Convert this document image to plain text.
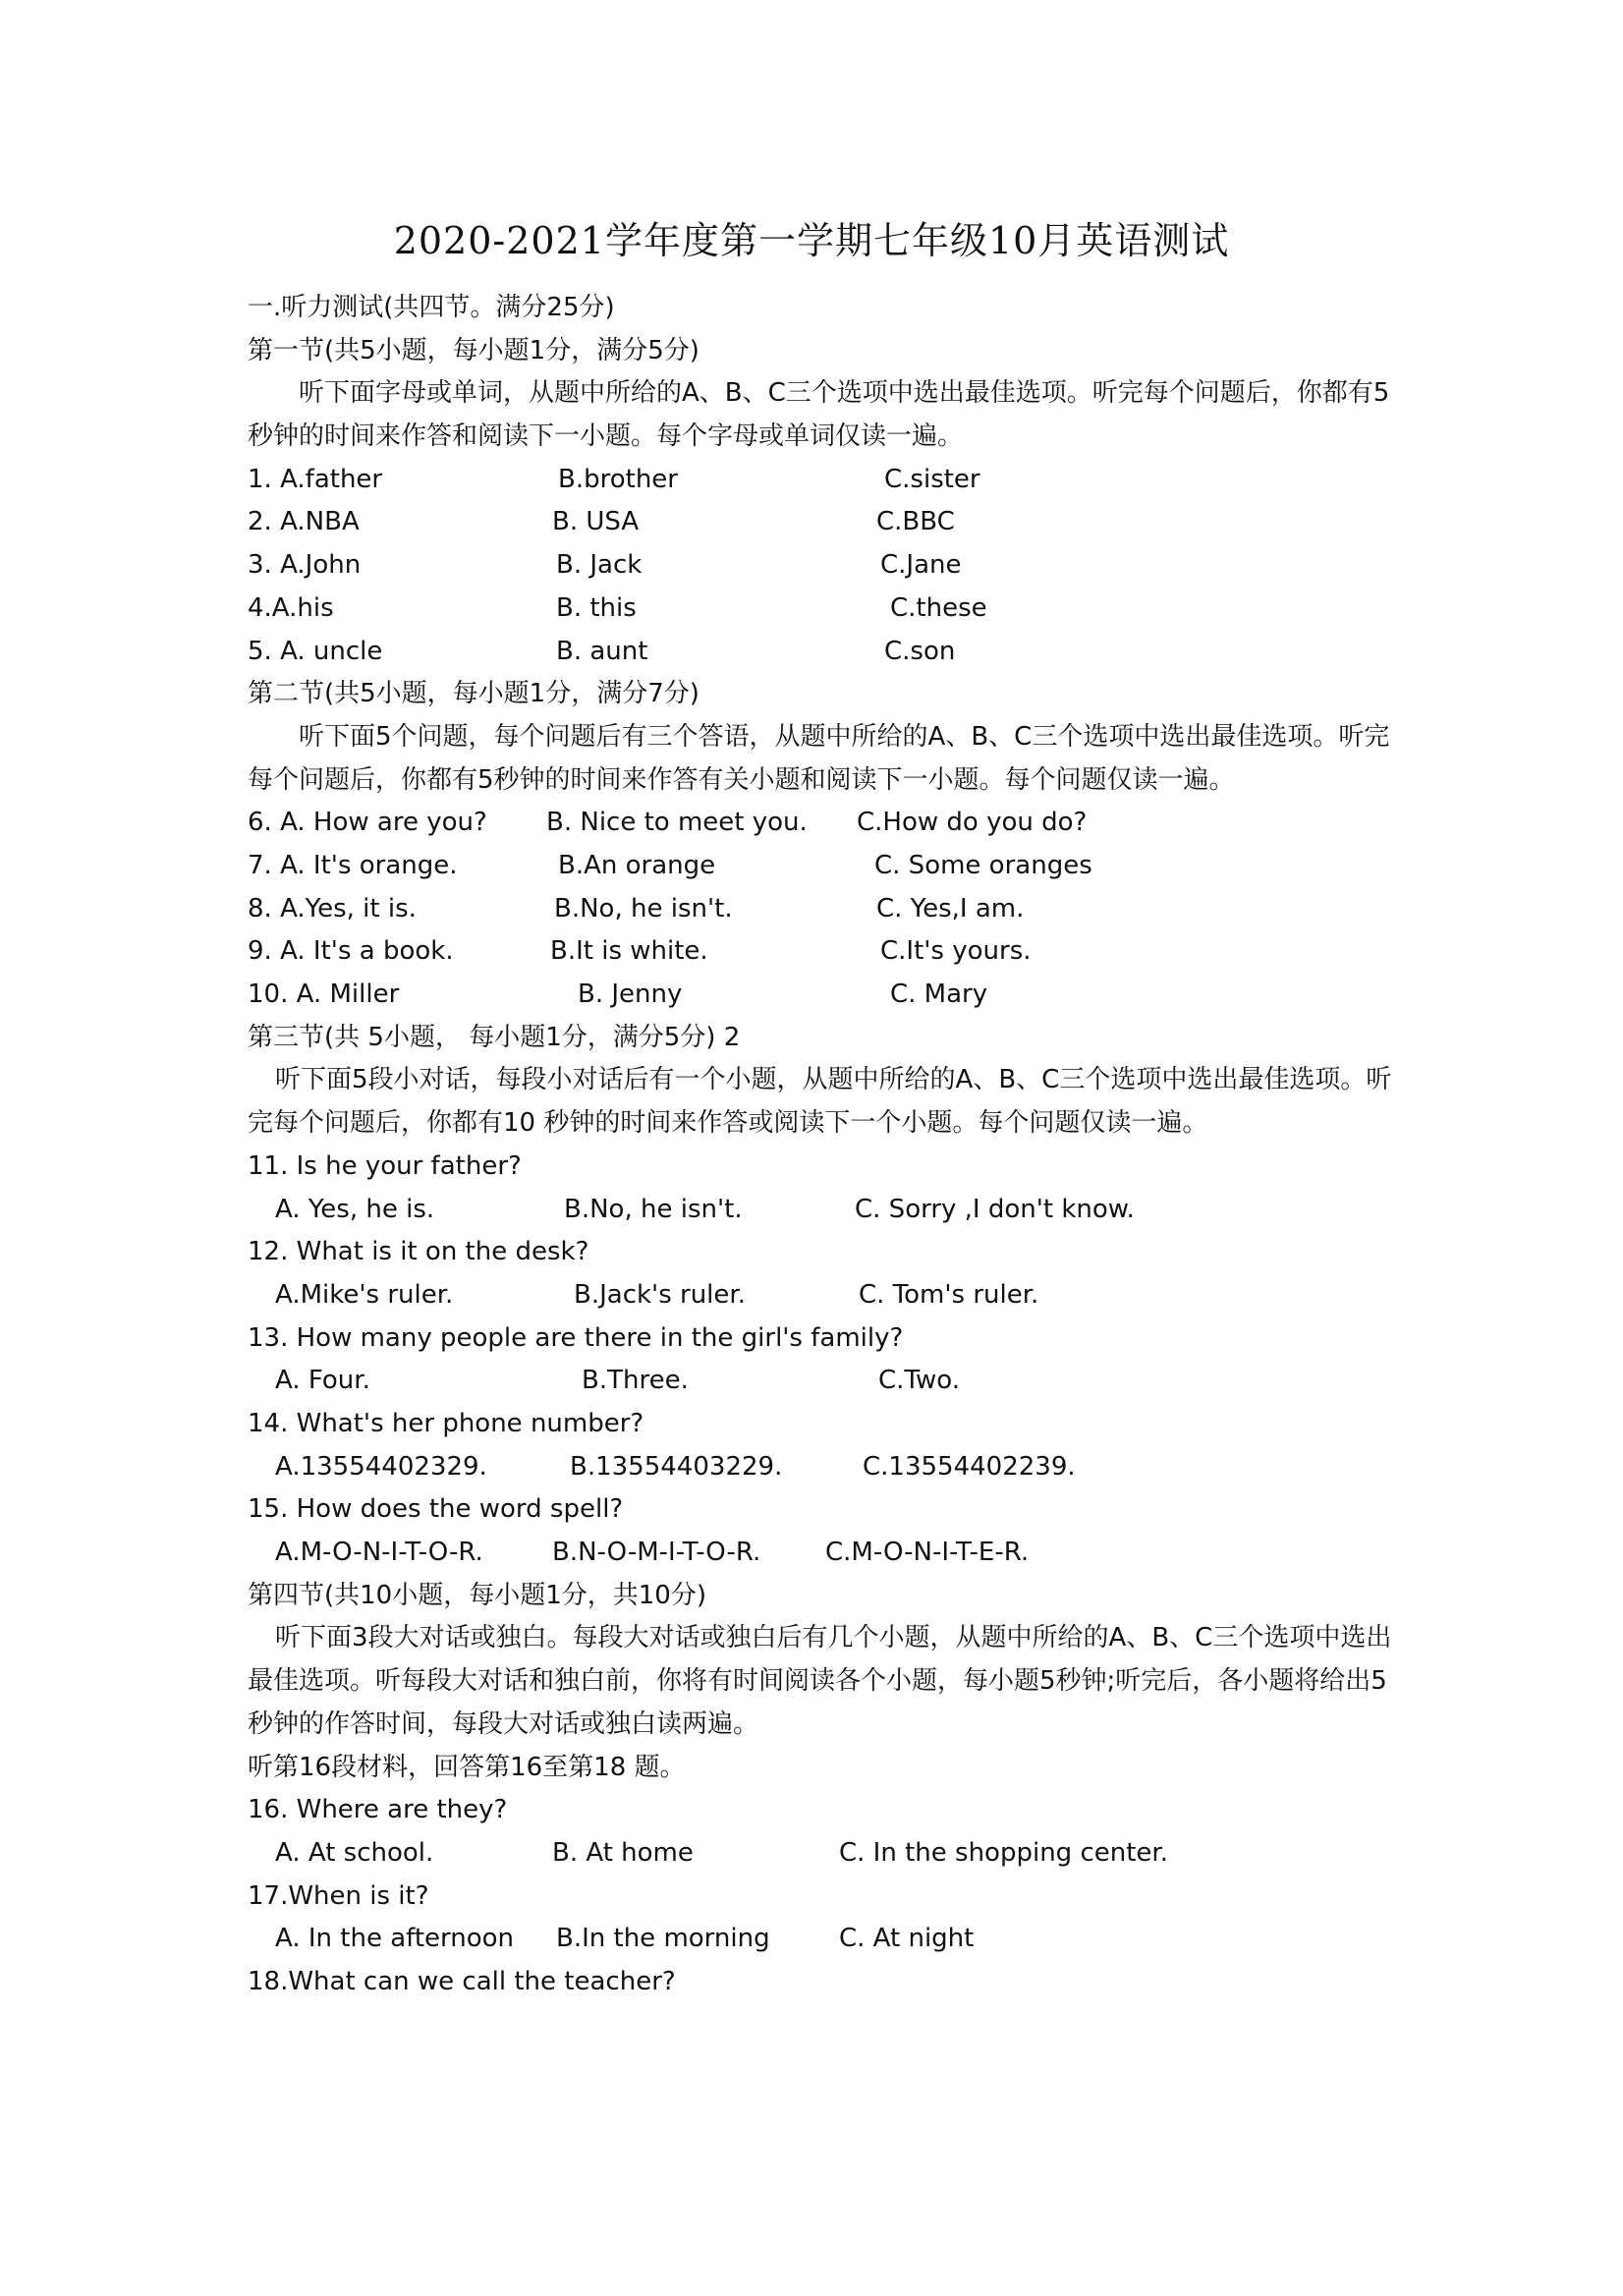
2020-2021学年度第一学期七年级10月英语测试
一.听力测试(共四节。满分25分)
第一节(共5小题，每小题1分，满分5分)
听下面字母或单词，从题中所给的A、B、C三个选项中选出最佳选项。听完每个问题后，你都有5秒钟的时间来作答和阅读下一小题。每个字母或单词仅读一遍。
1. A.father	B.brother	C.sister
2. A.NBA	B. USA	C.BBC
3. A.John	B. Jack	C.Jane
4.A.his	B. this	C.these
5. A. uncle	B. aunt	C.son
第二节(共5小题，每小题1分，满分7分)
听下面5个问题，每个问题后有三个答语，从题中所给的A、B、C三个选项中选出最佳选项。听完每个问题后，你都有5秒钟的时间来作答有关小题和阅读下一小题。每个问题仅读一遍。
6. A. How are you? B. Nice to meet you. C.How do you do?
7. A. It's orange.	B.An orange	C. Some oranges
8. A.Yes, it is.	B.No, he isn't.	C. Yes,I am.
9. A. It's a book.	B.It is white.	C.It's yours.
10. A. Miller	B. Jenny	C. Mary
第三节(共 5小题， 每小题1分，满分5分) 2
听下面5段小对话，每段小对话后有一个小题，从题中所给的A、B、C三个选项中选出最佳选项。听完每个问题后，你都有10 秒钟的时间来作答或阅读下一个小题。每个问题仅读一遍。
11. Is he your father?
A. Yes, he is.	B.No, he isn't.	C. Sorry ,I don't know.
12. What is it on the desk?
A.Mike's ruler.	B.Jack's ruler.	C. Tom's ruler.
13. How many people are there in the girl's family?
A. Four.	B.Three.	C.Two.
14. What's her phone number?
A.13554402329.	B.13554403229.	C.13554402239.
15. How does the word spell?
A.M-O-N-I-T-O-R.	B.N-O-M-I-T-O-R.	C.M-O-N-I-T-E-R.
第四节(共10小题，每小题1分，共10分)
听下面3段大对话或独白。每段大对话或独白后有几个小题，从题中所给的A、B、C三个选项中选出最佳选项。听每段大对话和独白前，你将有时间阅读各个小题，每小题5秒钟;听完后，各小题将给出5秒钟的作答时间，每段大对话或独白读两遍。
听第16段材料，回答第16至第18 题。
16. Where are they?
A. At school.	B. At home	C. In the shopping center.
17.When is it?
A. In the afternoon B.In the morning	C. At night
18.What can we call the teacher?
